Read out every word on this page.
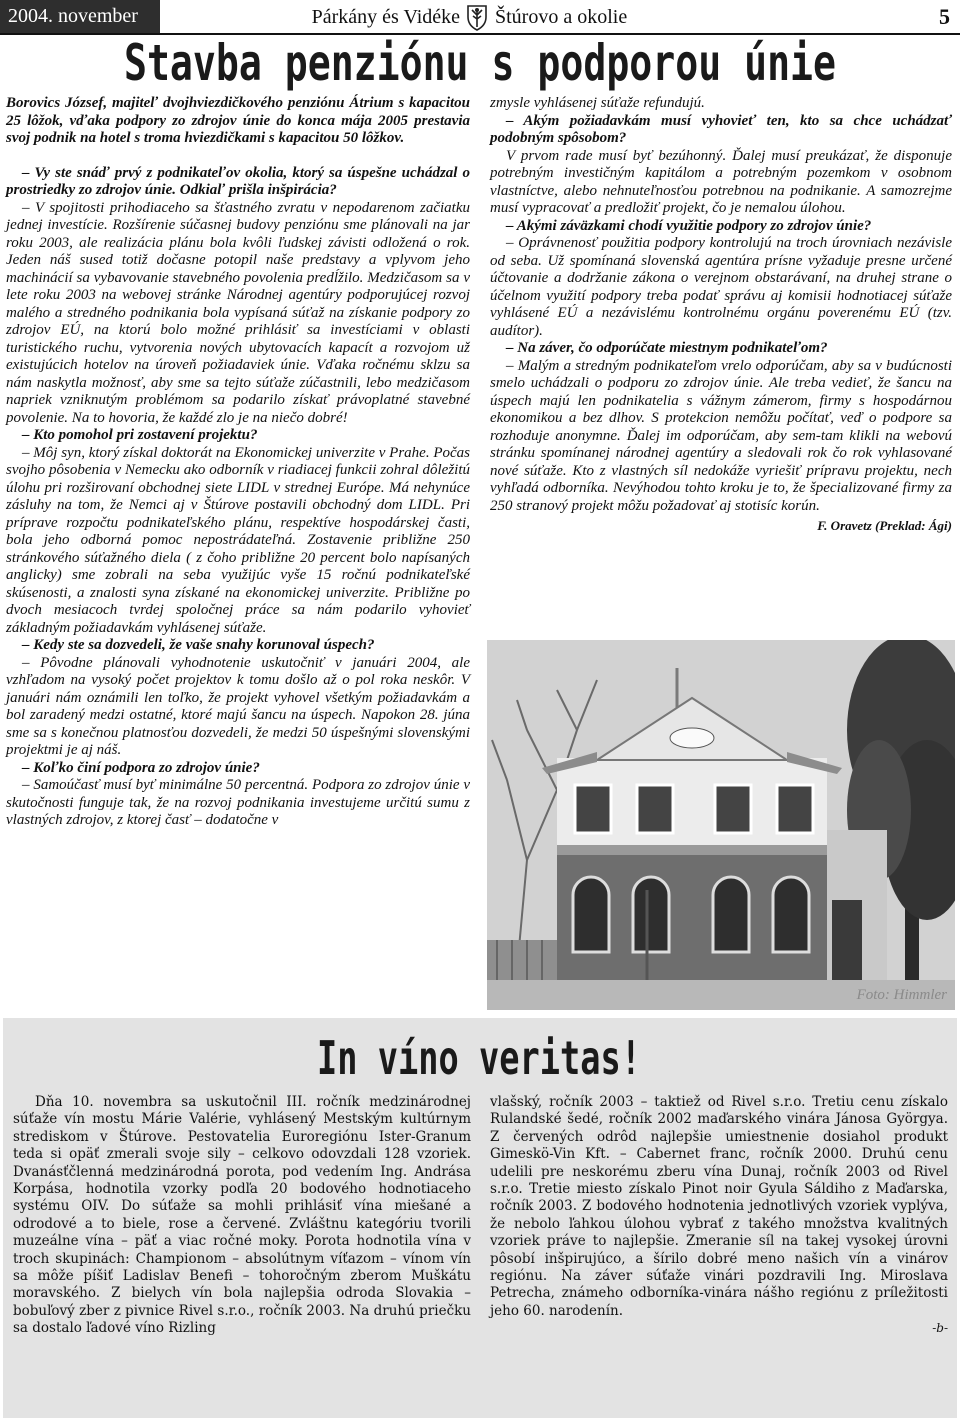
2004. november	Párkány és Vidéke Štúrovo a okolie	5
Stavba penziónu s podporou únie

Borovics József, majiteľ dvojhviezdičkového penziónu Átrium s kapacitou 25 lôžok, vďaka podpory zo zdrojov únie do konca mája 2005 prestavia svoj podnik na hotel s troma hviezdičkami s kapacitou 50 lôžkov.

– Vy ste snáď prvý z podnikateľov okolia, ktorý sa úspešne uchádzal o prostriedky zo zdrojov únie. Odkiaľ prišla inšpirácia?

– V spojitosti prihodiaceho sa šťastného zvratu v nepodarenom začiatku jednej investície. Rozšírenie súčasnej budovy penziónu sme plánovali na jar roku 2003, ale realizácia plánu bola kvôli ľudskej závisti odložená o rok. Jeden náš sused totiž dočasne potopil naše predstavy a vplyvom jeho machinácií sa vybavovanie stavebného povolenia predĺžilo. Medzičasom sa v lete roku 2003 na webovej stránke Národnej agentúry podporujúcej rozvoj malého a stredného podnikania bola vypísaná súťaž na získanie podpory zo zdrojov EÚ, na ktorú bolo možné prihlásiť sa investíciami v oblasti turistického ruchu, vytvorenia nových ubytovacích kapacít a rozvojom už existujúcich hotelov na úroveň požiadaviek únie. Vďaka ročnému sklzu sa nám naskytla možnosť, aby sme sa tejto súťaže zúčastnili, lebo medzičasom napriek vzniknutým problémom sa podarilo získať právoplatné stavebné povolenie. Na to hovoria, že každé zlo je na niečo dobré!

– Kto pomohol pri zostavení projektu?

– Môj syn, ktorý získal doktorát na Ekonomickej univerzite v Prahe. Počas svojho pôsobenia v Nemecku ako odborník v riadiacej funkcii zohral dôležitú úlohu pri rozširovaní obchodnej siete LIDL v strednej Európe. Má nehynúce zásluhy na tom, že Nemci aj v Štúrove postavili obchodný dom LIDL. Pri príprave rozpočtu podnikateľského plánu, respektíve hospodárskej časti, bola jeho odborná pomoc nepostrádateľná. Zostavenie približne 250 stránkového súťažného diela ( z čoho približne 20 percent bolo napísaných anglicky) sme zobrali na seba využijúc vyše 15 ročnú podnikateľské skúsenosti, a znalosti syna získané na ekonomickej univerzite. Približne po dvoch mesiacoch tvrdej spoločnej práce sa nám podarilo vyhovieť základným požiadavkám vyhlásenej súťaže.

– Kedy ste sa dozvedeli, že vaše snahy korunoval úspech?

– Pôvodne plánovali vyhodnotenie uskutočniť v januári 2004, ale vzhľadom na vysoký počet projektov k tomu došlo až o pol roka neskôr. V januári nám oznámili len toľko, že projekt vyhovel všetkým požiadavkám a bol zaradený medzi ostatné, ktoré majú šancu na úspech. Napokon 28. júna sme sa s konečnou platnosťou dozvedeli, že medzi 50 úspešnými slovenskými projektmi je aj náš.

– Koľko činí podpora zo zdrojov únie?

– Samoúčasť musí byť minimálne 50 percentná. Podpora zo zdrojov únie v skutočnosti funguje tak, že na rozvoj podnikania investujeme určitú sumu z vlastných zdrojov, z ktorej časť – dodatočne v

zmysle vyhlásenej súťaže refundujú.

– Akým požiadavkám musí vyhovieť ten, kto sa chce uchádzať podobným spôsobom?

V prvom rade musí byť bezúhonný. Ďalej musí preukázať, že disponuje potrebným investičným kapitálom a potrebným pozemkom v osobnom vlastníctve, alebo nehnuteľnosťou potrebnou na podnikanie. A samozrejme musí vypracovať a predložiť projekt, čo je nemalou úlohou.

– Akými záväzkami chodí využitie podpory zo zdrojov únie?

– Oprávnenosť použitia podpory kontrolujú na troch úrovniach nezávisle od seba. Už spomínaná slovenská agentúra prísne vyžaduje presne určené účtovanie a dodržanie zákona o verejnom obstarávaní, na druhej strane o účelnom využití podpory treba podať správu aj komisii hodnotiacej súťaže vyhlásené EÚ a nezávislému kontrolnému orgánu poverenému EÚ (tzv. audítor).

– Na záver, čo odporúčate miestnym podnikateľom?

– Malým a stredným podnikateľom vrelo odporúčam, aby sa v budúcnosti smelo uchádzali o podporu zo zdrojov únie. Ale treba vedieť, že šancu na úspech majú len podnikatelia s vážnym zámerom, firmy s hospodárnou ekonomikou a bez dlhov. S protekcion nemôžu počítať, veď o podpore sa rozhoduje anonymne. Ďalej im odporúčam, aby sem-tam klikli na webovú stránku spomínanej národnej agentúry a sledovali rok čo rok vyhlasované nové súťaže. Kto z vlastných síl nedokáže vyriešiť prípravu projektu, nech vyhľadá odborníka. Nevýhodou tohto kroku je to, že špecializované firmy za 250 stranový projekt môžu požadovať aj stotisíc korún.

F. Oravetz (Preklad: Ági)

Foto: Himmler
In víno veritas!

Dňa 10. novembra sa uskutočnil III. ročník medzinárodnej súťaže vín mostu Márie Valérie, vyhlásený Mestským kultúrnym strediskom v Štúrove. Pestovatelia Euroregiónu Ister-Granum teda si opäť zmerali svoje sily – celkovo odovzdali 128 vzoriek. Dvanásťčlenná medzinárodná porota, pod vedením Ing. Andrása Korpása, hodnotila vzorky podľa 20 bodového hodnotiaceho systému OIV. Do súťaže sa mohli prihlásiť vína miešané a odrodové a to biele, rose a červené. Zvláštnu kategóriu tvorili muzeálne vína – päť a viac ročné moky. Porota hodnotila vína v troch skupinách: Championom – absolútnym víťazom – vínom vín sa môže píšiť Ladislav Benefi – tohoročným zberom Muškátu moravského. Z bielych vín bola najlepšia odroda Slovakia – bobuľový zber z pivnice Rivel s.r.o., ročník 2003. Na druhú priečku sa dostalo ľadové víno Rizling

vlašský, ročník 2003 – taktiež od Rivel s.r.o. Tretiu cenu získalo Rulandské šedé, ročník 2002 maďarského vinára Jánosa Györgya. Z červených odrôd najlepšie umiestnenie dosiahol produkt Gimeskö-Vin Kft. – Cabernet franc, ročník 2000. Druhú cenu udelili pre neskorému zberu vína Dunaj, ročník 2003 od Rivel s.r.o. Tretie miesto získalo Pinot noir Gyula Sáldiho z Maďarska, ročník 2003. Z bodového hodnotenia jednotlivých vzoriek vyplýva, že nebolo ľahkou úlohou vybrať z takého množstva kvalitných vzoriek práve to najlepšie. Zmeranie síl na takej vysokej úrovni pôsobí inšpirujúco, a šírilo dobré meno našich vín a vinárov regiónu. Na záver súťaže vinári pozdravili Ing. Miroslava Petrecha, známeho odborníka-vinára nášho regiónu z príležitosti jeho 60. narodenín.

-b-
